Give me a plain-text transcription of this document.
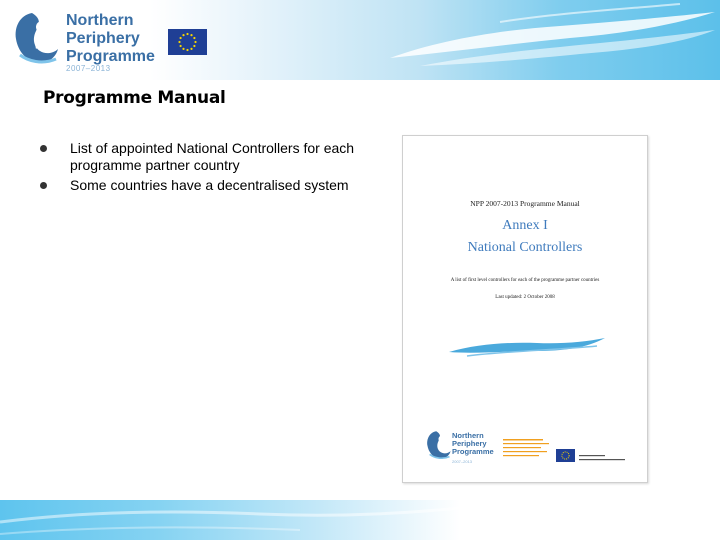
Northern
Periphery
Programme
2007–2013
Programme Manual
List of appointed National Controllers for each programme partner country
Some countries have a decentralised system
NPP 2007-2013 Programme Manual
Annex I
National Controllers
A list of first level controllers for each of the programme partner countries
Last updated: 2 October 2008
Northern
Periphery
Programme
2007–2013
